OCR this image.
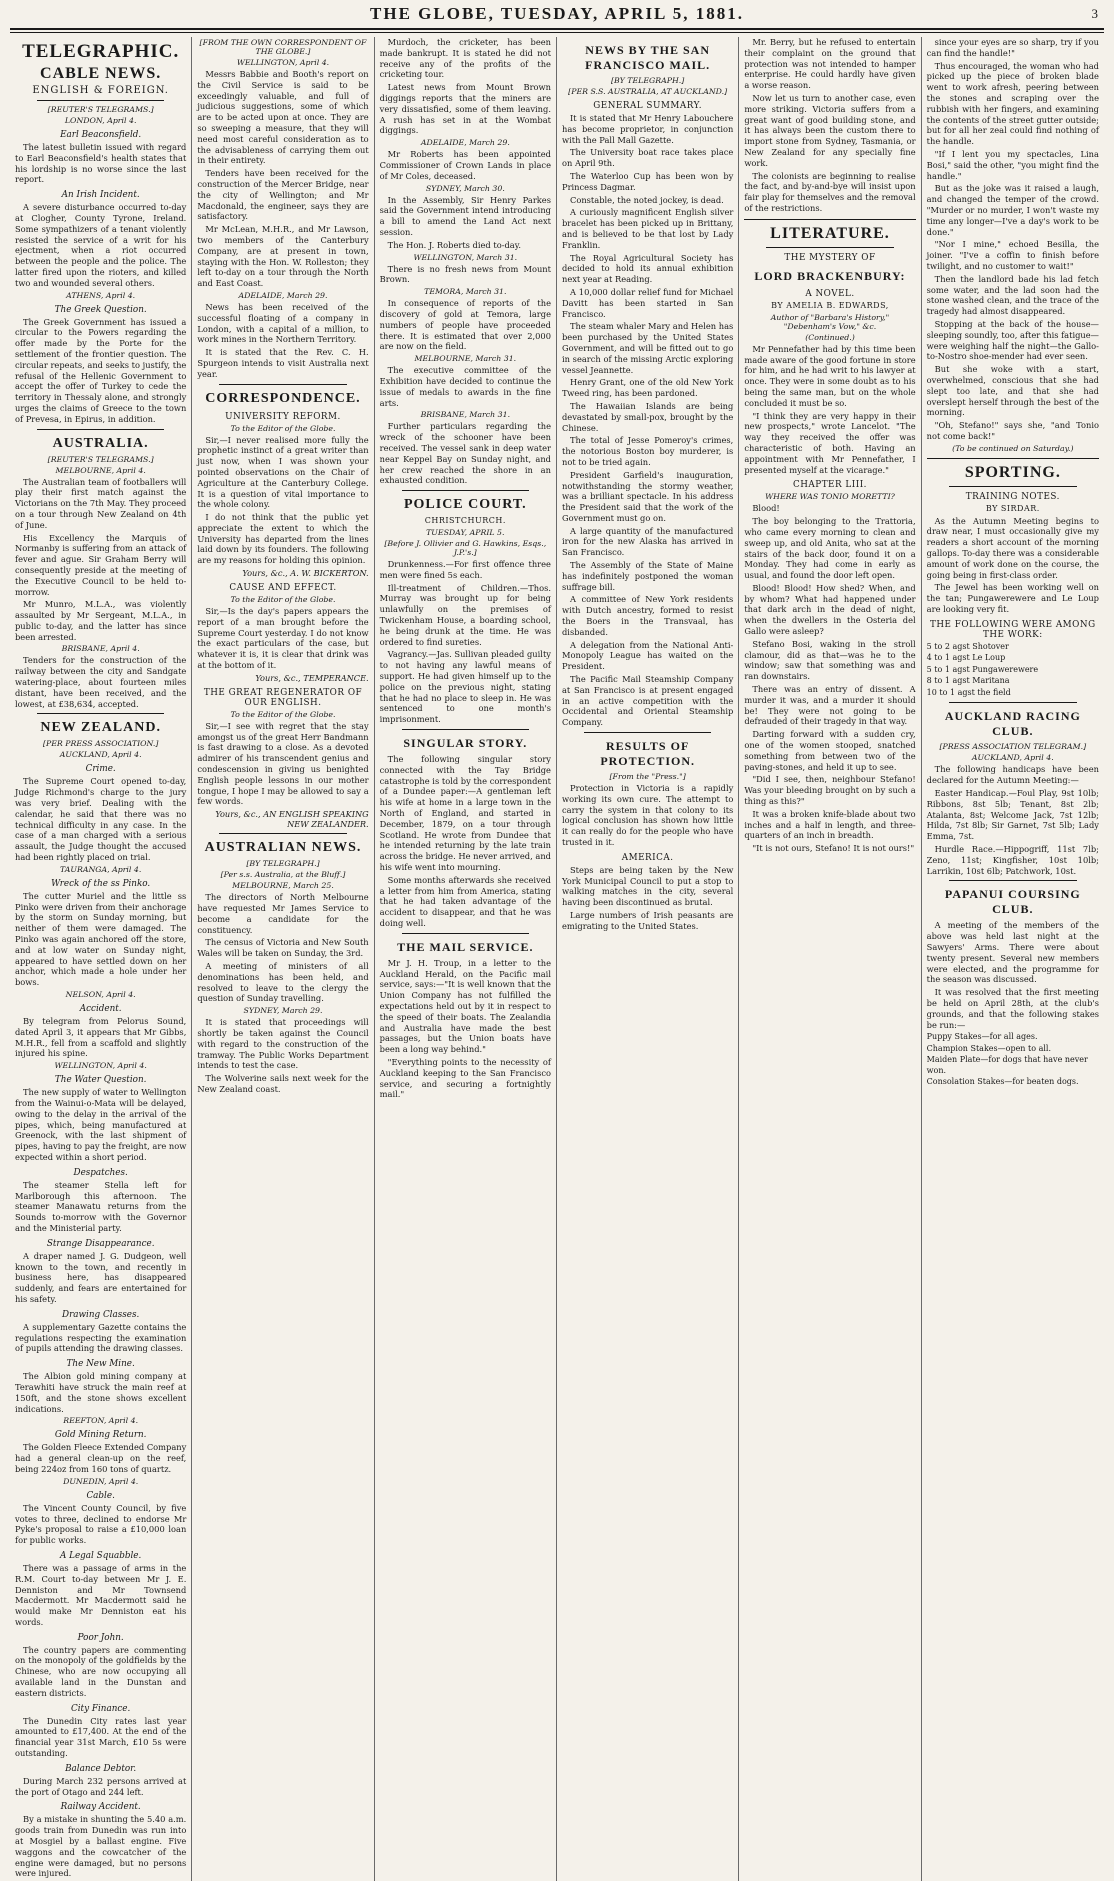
THE GLOBE, TUESDAY, APRIL 5, 1881.	3
TELEGRAPHIC.
CABLE NEWS.
ENGLISH & FOREIGN.
[REUTER'S TELEGRAMS.]
LONDON, April 4.
Earl Beaconsfield.

The latest bulletin issued with regard to Earl Beaconsfield's health states that his lordship is no worse since the last report.

An Irish Incident.

A severe disturbance occurred to-day at Clogher, County Tyrone, Ireland. Some sympathizers of a tenant violently resisted the service of a writ for his ejectment, when a riot occurred between the people and the police. The latter fired upon the rioters, and killed two and wounded several others.

ATHENS, April 4.
The Greek Question.

The Greek Government has issued a circular to the Powers regarding the offer made by the Porte for the settlement of the frontier question. The circular repeats, and seeks to justify, the refusal of the Hellenic Government to accept the offer of Turkey to cede the territory in Thessaly alone, and strongly urges the claims of Greece to the town of Prevesa, in Epirus, in addition.

AUSTRALIA.
[REUTER'S TELEGRAMS.]
MELBOURNE, April 4.

The Australian team of footballers will play their first match against the Victorians on the 7th May. They proceed on a tour through New Zealand on 4th of June.

His Excellency the Marquis of Normanby is suffering from an attack of fever and ague. Sir Graham Berry will consequently preside at the meeting of the Executive Council to be held to-morrow.

Mr Munro, M.L.A., was violently assaulted by Mr Sergeant, M.L.A., in public to-day, and the latter has since been arrested.

BRISBANE, April 4.

Tenders for the construction of the railway between the city and Sandgate watering-place, about fourteen miles distant, have been received, and the lowest, at £38,634, accepted.

NEW ZEALAND.
[PER PRESS ASSOCIATION.]
AUCKLAND, April 4.
Crime.

The Supreme Court opened to-day, Judge Richmond's charge to the jury was very brief. Dealing with the calendar, he said that there was no technical difficulty in any case. In the case of a man charged with a serious assault, the Judge thought the accused had been rightly placed on trial.

TAURANGA, April 4.
Wreck of the ss Pinko.

The cutter Muriel and the little ss Pinko were driven from their anchorage by the storm on Sunday morning, but neither of them were damaged. The Pinko was again anchored off the store, and at low water on Sunday night, appeared to have settled down on her anchor, which made a hole under her bows.

NELSON, April 4.
Accident.

By telegram from Pelorus Sound, dated April 3, it appears that Mr Gibbs, M.H.R., fell from a scaffold and slightly injured his spine.

WELLINGTON, April 4.
The Water Question.

The new supply of water to Wellington from the Wainui-o-Mata will be delayed, owing to the delay in the arrival of the pipes, which, being manufactured at Greenock, with the last shipment of pipes, having to pay the freight, are now expected within a short period.

Despatches.

The steamer Stella left for Marlborough this afternoon. The steamer Manawatu returns from the Sounds to-morrow with the Governor and the Ministerial party.

Strange Disappearance.

A draper named J. G. Dudgeon, well known to the town, and recently in business here, has disappeared suddenly, and fears are entertained for his safety.

Drawing Classes.

A supplementary Gazette contains the regulations respecting the examination of pupils attending the drawing classes.

The New Mine.

The Albion gold mining company at Terawhiti have struck the main reef at 150ft, and the stone shows excellent indications.

REEFTON, April 4.
Gold Mining Return.

The Golden Fleece Extended Company had a general clean-up on the reef, being 224oz from 160 tons of quartz.

DUNEDIN, April 4.
Cable.

The Vincent County Council, by five votes to three, declined to endorse Mr Pyke's proposal to raise a £10,000 loan for public works.

A Legal Squabble.

There was a passage of arms in the R.M. Court to-day between Mr J. E. Denniston and Mr Townsend Macdermott. Mr Macdermott said he would make Mr Denniston eat his words.

Poor John.

The country papers are commenting on the monopoly of the goldfields by the Chinese, who are now occupying all available land in the Dunstan and eastern districts.

City Finance.

The Dunedin City rates last year amounted to £17,400. At the end of the financial year 31st March, £10 5s were outstanding.

Balance Debtor.

During March 232 persons arrived at the port of Otago and 244 left.

Railway Accident.

By a mistake in shunting the 5.40 a.m. goods train from Dunedin was run into at Mosgiel by a ballast engine. Five waggons and the cowcatcher of the engine were damaged, but no persons were injured.

[FROM THE OWN CORRESPONDENT OF THE GLOBE.]
WELLINGTON, April 4.

Messrs Babbie and Booth's report on the Civil Service is said to be exceedingly valuable, and full of judicious suggestions, some of which are to be acted upon at once. They are so sweeping a measure, that they will need most careful consideration as to the advisableness of carrying them out in their entirety.

Tenders have been received for the construction of the Mercer Bridge, near the city of Wellington; and Mr Macdonald, the engineer, says they are satisfactory.

Mr McLean, M.H.R., and Mr Lawson, two members of the Canterbury Company, are at present in town, staying with the Hon. W. Rolleston; they left to-day on a tour through the North and East Coast.

ADELAIDE, March 29.

News has been received of the successful floating of a company in London, with a capital of a million, to work mines in the Northern Territory.

It is stated that the Rev. C. H. Spurgeon intends to visit Australia next year.

CORRESPONDENCE.
UNIVERSITY REFORM.
To the Editor of the Globe.

Sir,—I never realised more fully the prophetic instinct of a great writer than just now, when I was shown your pointed observations on the Chair of Agriculture at the Canterbury College. It is a question of vital importance to the whole colony.

I do not think that the public yet appreciate the extent to which the University has departed from the lines laid down by its founders. The following are my reasons for holding this opinion.

Yours, &c., A. W. BICKERTON.
CAUSE AND EFFECT.
To the Editor of the Globe.

Sir,—Is the day's papers appears the report of a man brought before the Supreme Court yesterday. I do not know the exact particulars of the case, but whatever it is, it is clear that drink was at the bottom of it.

Yours, &c., TEMPERANCE.
THE GREAT REGENERATOR OF OUR ENGLISH.
To the Editor of the Globe.

Sir,—I see with regret that the stay amongst us of the great Herr Bandmann is fast drawing to a close. As a devoted admirer of his transcendent genius and condescension in giving us benighted English people lessons in our mother tongue, I hope I may be allowed to say a few words.

Yours, &c., AN ENGLISH SPEAKING NEW ZEALANDER.
AUSTRALIAN NEWS.
[BY TELEGRAPH.]
[Per s.s. Australia, at the Bluff.]
MELBOURNE, March 25.

The directors of North Melbourne have requested Mr James Service to become a candidate for the constituency.

The census of Victoria and New South Wales will be taken on Sunday, the 3rd.

A meeting of ministers of all denominations has been held, and resolved to leave to the clergy the question of Sunday travelling.

SYDNEY, March 29.

It is stated that proceedings will shortly be taken against the Council with regard to the construction of the tramway. The Public Works Department intends to test the case.

The Wolverine sails next week for the New Zealand coast.

Murdoch, the cricketer, has been made bankrupt. It is stated he did not receive any of the profits of the cricketing tour.

Latest news from Mount Brown diggings reports that the miners are very dissatisfied, some of them leaving. A rush has set in at the Wombat diggings.

ADELAIDE, March 29.

Mr Roberts has been appointed Commissioner of Crown Lands in place of Mr Coles, deceased.

SYDNEY, March 30.

In the Assembly, Sir Henry Parkes said the Government intend introducing a bill to amend the Land Act next session.

The Hon. J. Roberts died to-day.

WELLINGTON, March 31.

There is no fresh news from Mount Brown.

TEMORA, March 31.

In consequence of reports of the discovery of gold at Temora, large numbers of people have proceeded there. It is estimated that over 2,000 are now on the field.

MELBOURNE, March 31.

The executive committee of the Exhibition have decided to continue the issue of medals to awards in the fine arts.

BRISBANE, March 31.

Further particulars regarding the wreck of the schooner have been received. The vessel sank in deep water near Keppel Bay on Sunday night, and her crew reached the shore in an exhausted condition.

POLICE COURT.
CHRISTCHURCH.
TUESDAY, APRIL 5.
[Before J. Ollivier and G. Hawkins, Esqs., J.P.'s.]

Drunkenness.—For first offence three men were fined 5s each.

Ill-treatment of Children.—Thos. Murray was brought up for being unlawfully on the premises of Twickenham House, a boarding school, he being drunk at the time. He was ordered to find sureties.

Vagrancy.—Jas. Sullivan pleaded guilty to not having any lawful means of support. He had given himself up to the police on the previous night, stating that he had no place to sleep in. He was sentenced to one month's imprisonment.

SINGULAR STORY.

The following singular story connected with the Tay Bridge catastrophe is told by the correspondent of a Dundee paper:—A gentleman left his wife at home in a large town in the North of England, and started in December, 1879, on a tour through Scotland. He wrote from Dundee that he intended returning by the late train across the bridge. He never arrived, and his wife went into mourning.

Some months afterwards she received a letter from him from America, stating that he had taken advantage of the accident to disappear, and that he was doing well.

THE MAIL SERVICE.

Mr J. H. Troup, in a letter to the Auckland Herald, on the Pacific mail service, says:—"It is well known that the Union Company has not fulfilled the expectations held out by it in respect to the speed of their boats. The Zealandia and Australia have made the best passages, but the Union boats have been a long way behind."

"Everything points to the necessity of Auckland keeping to the San Francisco service, and securing a fortnightly mail."

NEWS BY THE SAN FRANCISCO MAIL.
[BY TELEGRAPH.]
[PER S.S. AUSTRALIA, AT AUCKLAND.]
GENERAL SUMMARY.

It is stated that Mr Henry Labouchere has become proprietor, in conjunction with the Pall Mall Gazette.

The University boat race takes place on April 9th.

The Waterloo Cup has been won by Princess Dagmar.

Constable, the noted jockey, is dead.

A curiously magnificent English silver bracelet has been picked up in Brittany, and is believed to be that lost by Lady Franklin.

The Royal Agricultural Society has decided to hold its annual exhibition next year at Reading.

A 10,000 dollar relief fund for Michael Davitt has been started in San Francisco.

The steam whaler Mary and Helen has been purchased by the United States Government, and will be fitted out to go in search of the missing Arctic exploring vessel Jeannette.

Henry Grant, one of the old New York Tweed ring, has been pardoned.

The Hawaiian Islands are being devastated by small-pox, brought by the Chinese.

The total of Jesse Pomeroy's crimes, the notorious Boston boy murderer, is not to be tried again.

President Garfield's inauguration, notwithstanding the stormy weather, was a brilliant spectacle. In his address the President said that the work of the Government must go on.

A large quantity of the manufactured iron for the new Alaska has arrived in San Francisco.

The Assembly of the State of Maine has indefinitely postponed the woman suffrage bill.

A committee of New York residents with Dutch ancestry, formed to resist the Boers in the Transvaal, has disbanded.

A delegation from the National Anti-Monopoly League has waited on the President.

The Pacific Mail Steamship Company at San Francisco is at present engaged in an active competition with the Occidental and Oriental Steamship Company.

RESULTS OF PROTECTION.
[From the "Press."]

Protection in Victoria is a rapidly working its own cure. The attempt to carry the system in that colony to its logical conclusion has shown how little it can really do for the people who have trusted in it.

AMERICA.

Steps are being taken by the New York Municipal Council to put a stop to walking matches in the city, several having been discontinued as brutal.

Large numbers of Irish peasants are emigrating to the United States.

Mr. Berry, but he refused to entertain their complaint on the ground that protection was not intended to hamper enterprise. He could hardly have given a worse reason.

Now let us turn to another case, even more striking. Victoria suffers from a great want of good building stone, and it has always been the custom there to import stone from Sydney, Tasmania, or New Zealand for any specially fine work.

The colonists are beginning to realise the fact, and by-and-bye will insist upon fair play for themselves and the removal of the restrictions.

LITERATURE.
THE MYSTERY OF
LORD BRACKENBURY:
A NOVEL.
BY AMELIA B. EDWARDS,
Author of "Barbara's History," "Debenham's Vow," &c.
(Continued.)

Mr Pennefather had by this time been made aware of the good fortune in store for him, and he had writ to his lawyer at once. They were in some doubt as to his being the same man, but on the whole concluded it must be so.

"I think they are very happy in their new prospects," wrote Lancelot. "The way they received the offer was characteristic of both. Having an appointment with Mr Pennefather, I presented myself at the vicarage."

CHAPTER LIII.
WHERE WAS TONIO MORETTI?

Blood!

The boy belonging to the Trattoria, who came every morning to clean and sweep up, and old Anita, who sat at the stairs of the back door, found it on a Monday. They had come in early as usual, and found the door left open.

Blood! Blood! How shed? When, and by whom? What had happened under that dark arch in the dead of night, when the dwellers in the Osteria del Gallo were asleep?

Stefano Bosi, waking in the stroll clamour, did as that—was he to the window; saw that something was and ran downstairs.

There was an entry of dissent. A murder it was, and a murder it should be! They were not going to be defrauded of their tragedy in that way.

Darting forward with a sudden cry, one of the women stooped, snatched something from between two of the paving-stones, and held it up to see.

"Did I see, then, neighbour Stefano! Was your bleeding brought on by such a thing as this?"

It was a broken knife-blade about two inches and a half in length, and three-quarters of an inch in breadth.

"It is not ours, Stefano! It is not ours!"

since your eyes are so sharp, try if you can find the handle!"

Thus encouraged, the woman who had picked up the piece of broken blade went to work afresh, peering between the stones and scraping over the rubbish with her fingers, and examining the contents of the street gutter outside; but for all her zeal could find nothing of the handle.

"If I lent you my spectacles, Lina Bosi," said the other, "you might find the handle."

But as the joke was it raised a laugh, and changed the temper of the crowd. "Murder or no murder, I won't waste my time any longer—I've a day's work to be done."

"Nor I mine," echoed Besilla, the joiner. "I've a coffin to finish before twilight, and no customer to wait!"

Then the landlord bade his lad fetch some water, and the lad soon had the stone washed clean, and the trace of the tragedy had almost disappeared.

Stopping at the back of the house—sleeping soundly, too, after this fatigue—were weighing half the night—the Gallo-to-Nostro shoe-mender had ever seen.

But she woke with a start, overwhelmed, conscious that she had slept too late, and that she had overslept herself through the best of the morning.

"Oh, Stefano!" says she, "and Tonio not come back!"

(To be continued on Saturday.)
SPORTING.
TRAINING NOTES.
BY SIRDAR.

As the Autumn Meeting begins to draw near, I must occasionally give my readers a short account of the morning gallops. To-day there was a considerable amount of work done on the course, the going being in first-class order.

The Jewel has been working well on the tan; Pungawerewere and Le Loup are looking very fit.

THE FOLLOWING WERE AMONG THE WORK:
5 to 2 agst Shotover
4 to 1 agst Le Loup
5 to 1 agst Pungawerewere
8 to 1 agst Maritana
10 to 1 agst the field
AUCKLAND RACING CLUB.
[PRESS ASSOCIATION TELEGRAM.]
AUCKLAND, April 4.

The following handicaps have been declared for the Autumn Meeting:—

Easter Handicap.—Foul Play, 9st 10lb; Ribbons, 8st 5lb; Tenant, 8st 2lb; Atalanta, 8st; Welcome Jack, 7st 12lb; Hilda, 7st 8lb; Sir Garnet, 7st 5lb; Lady Emma, 7st.

Hurdle Race.—Hippogriff, 11st 7lb; Zeno, 11st; Kingfisher, 10st 10lb; Larrikin, 10st 6lb; Patchwork, 10st.

PAPANUI COURSING CLUB.

A meeting of the members of the above was held last night at the Sawyers' Arms. There were about twenty present. Several new members were elected, and the programme for the season was discussed.

It was resolved that the first meeting be held on April 28th, at the club's grounds, and that the following stakes be run:—

Puppy Stakes—for all ages.
Champion Stakes—open to all.
Maiden Plate—for dogs that have never won.
Consolation Stakes—for beaten dogs.
